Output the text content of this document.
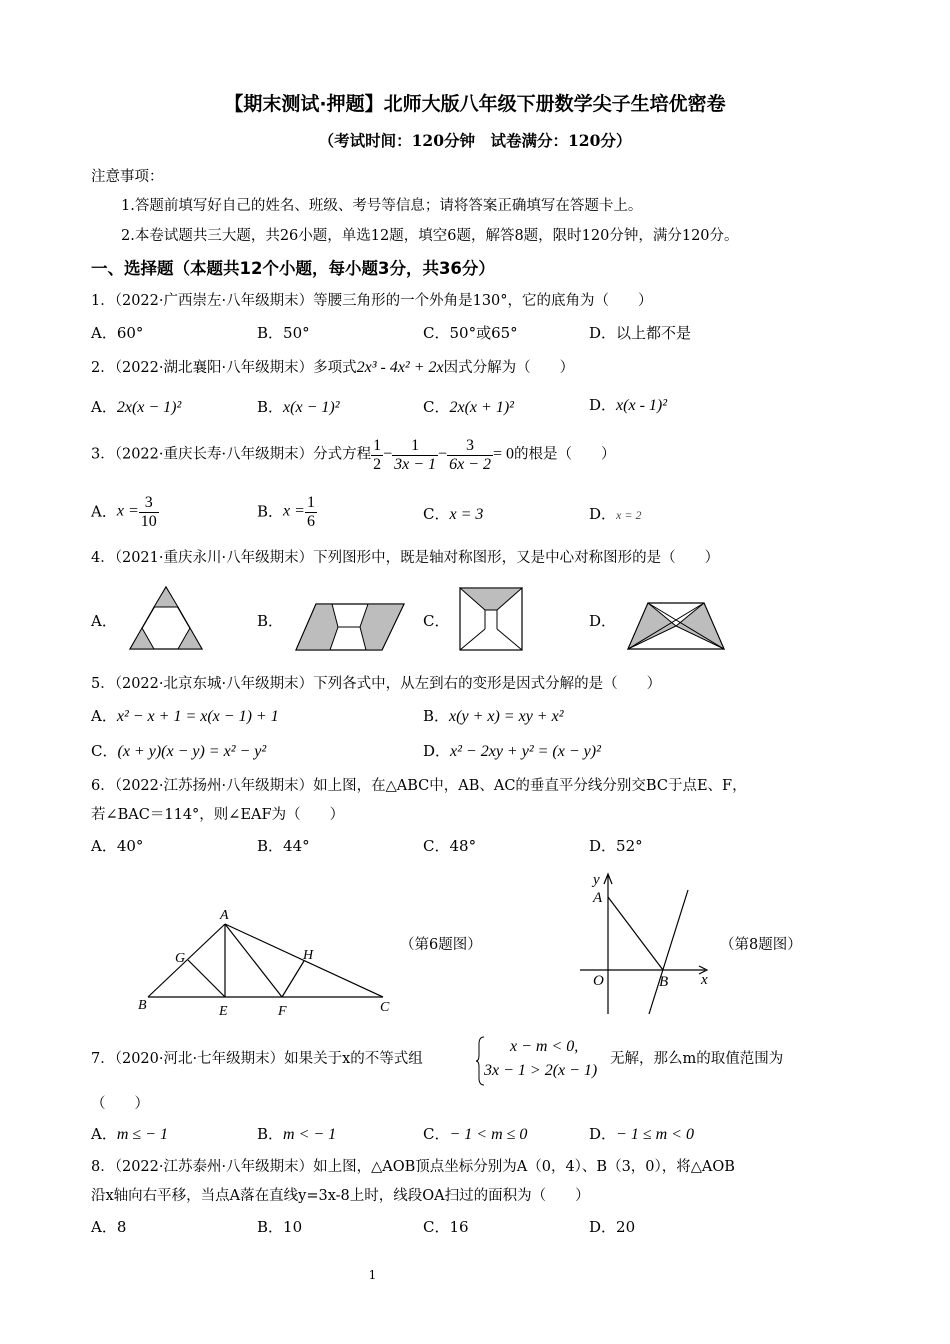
【期末测试·押题】北师大版八年级下册数学尖子生培优密卷
（考试时间：120分钟　试卷满分：120分）
注意事项：
1.答题前填写好自己的姓名、班级、考号等信息；请将答案正确填写在答题卡上。
2.本卷试题共三大题，共26小题，单选12题，填空6题，解答8题，限时120分钟，满分120分。
一、选择题（本题共12个小题，每小题3分，共36分）
1．（2022·广西崇左·八年级期末）等腰三角形的一个外角是130°，它的底角为（　　）
A．60°	B．50°	C．50°或65°	D．以上都不是
2．（2022·湖北襄阳·八年级期末）多项式2x³ - 4x² + 2x因式分解为（　　）
A．2x(x − 1)²	B．x(x − 1)²	C．2x(x + 1)²	D．x(x - 1)²
3．（2022·重庆长寿·八年级期末）分式方程 $\frac{1}{2} - \frac{1}{3x - 1} - \frac{3}{6x - 2} = 0$的根是（　　）
A．$x = \frac{3}{10}$	B．$x = \frac{1}{6}$	C．x = 3	D．x = 2
4．（2021·重庆永川·八年级期末）下列图形中，既是轴对称图形，又是中心对称图形的是（　　）
A．	B．	C．	D．
5．（2022·北京东城·八年级期末）下列各式中，从左到右的变形是因式分解的是（　　）
A．x² − x + 1 = x(x − 1) + 1	B．x(y + x) = xy + x²
C．(x + y)(x − y) = x² − y²	D．x² − 2xy + y² = (x − y)²
6．（2022·江苏扬州·八年级期末）如上图，在△ABC中，AB、AC的垂直平分线分别交BC于点E、F，
若∠BAC＝114°，则∠EAF为（　　）
A．40°	B．44°	C．48°	D．52°
A
B	C
E	F
G	H
（第6题图）
y
x
A
O	B
（第8题图）
7．（2020·河北·七年级期末）如果关于x的不等式组
x − m < 0,
3x − 1 > 2(x − 1)
无解，那么m的取值范围为
（　　）
A．m ≤ − 1	B．m < − 1	C．− 1 < m ≤ 0	D．− 1 ≤ m < 0
8．（2022·江苏泰州·八年级期末）如上图，△AOB顶点坐标分别为A（0，4）、B（3，0），将△AOB
沿x轴向右平移，当点A落在直线y=3x-8上时，线段OA扫过的面积为（　　）
A．8	B．10	C．16	D．20
1
